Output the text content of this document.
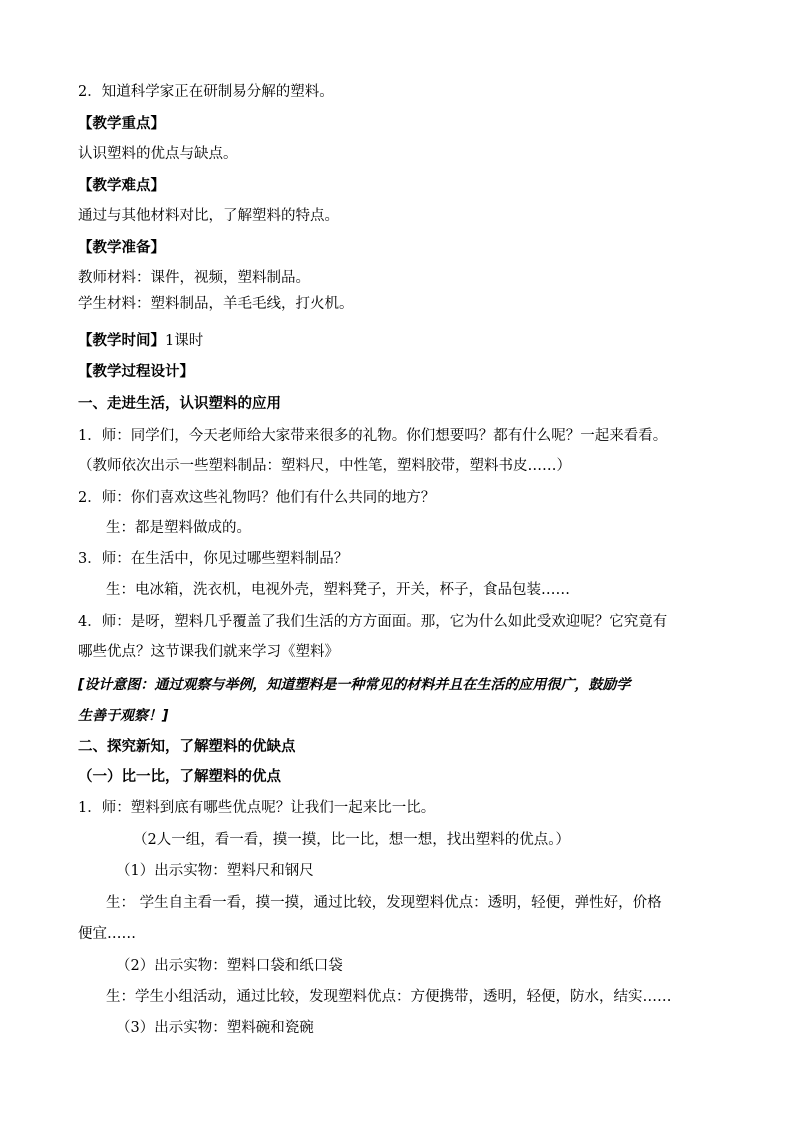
2．知道科学家正在研制易分解的塑料。
【教学重点】
认识塑料的优点与缺点。
【教学难点】
通过与其他材料对比，了解塑料的特点。
【教学准备】
教师材料：课件，视频，塑料制品。
学生材料：塑料制品，羊毛毛线，打火机。
【教学时间】1课时
【教学过程设计】
一、走进生活，认识塑料的应用
1．师：同学们，今天老师给大家带来很多的礼物。你们想要吗？都有什么呢？一起来看看。
（教师依次出示一些塑料制品：塑料尺，中性笔，塑料胶带，塑料书皮……）
2．师：你们喜欢这些礼物吗？他们有什么共同的地方？
生：都是塑料做成的。
3．师：在生活中，你见过哪些塑料制品？
生：电冰箱，洗衣机，电视外壳，塑料凳子，开关，杯子，食品包装……
4．师：是呀，塑料几乎覆盖了我们生活的方方面面。那，它为什么如此受欢迎呢？它究竟有
哪些优点？这节课我们就来学习《塑料》
[设计意图：通过观察与举例，知道塑料是一种常见的材料并且在生活的应用很广，鼓励学
生善于观察！]
二、探究新知，了解塑料的优缺点
（一）比一比，了解塑料的优点
1．师：塑料到底有哪些优点呢？让我们一起来比一比。
（2人一组，看一看，摸一摸，比一比，想一想，找出塑料的优点。）
（1）出示实物：塑料尺和钢尺
生： 学生自主看一看，摸一摸，通过比较，发现塑料优点：透明，轻便，弹性好，价格
便宜……
（2）出示实物：塑料口袋和纸口袋
生：学生小组活动，通过比较，发现塑料优点：方便携带，透明，轻便，防水，结实……
（3）出示实物：塑料碗和瓷碗
